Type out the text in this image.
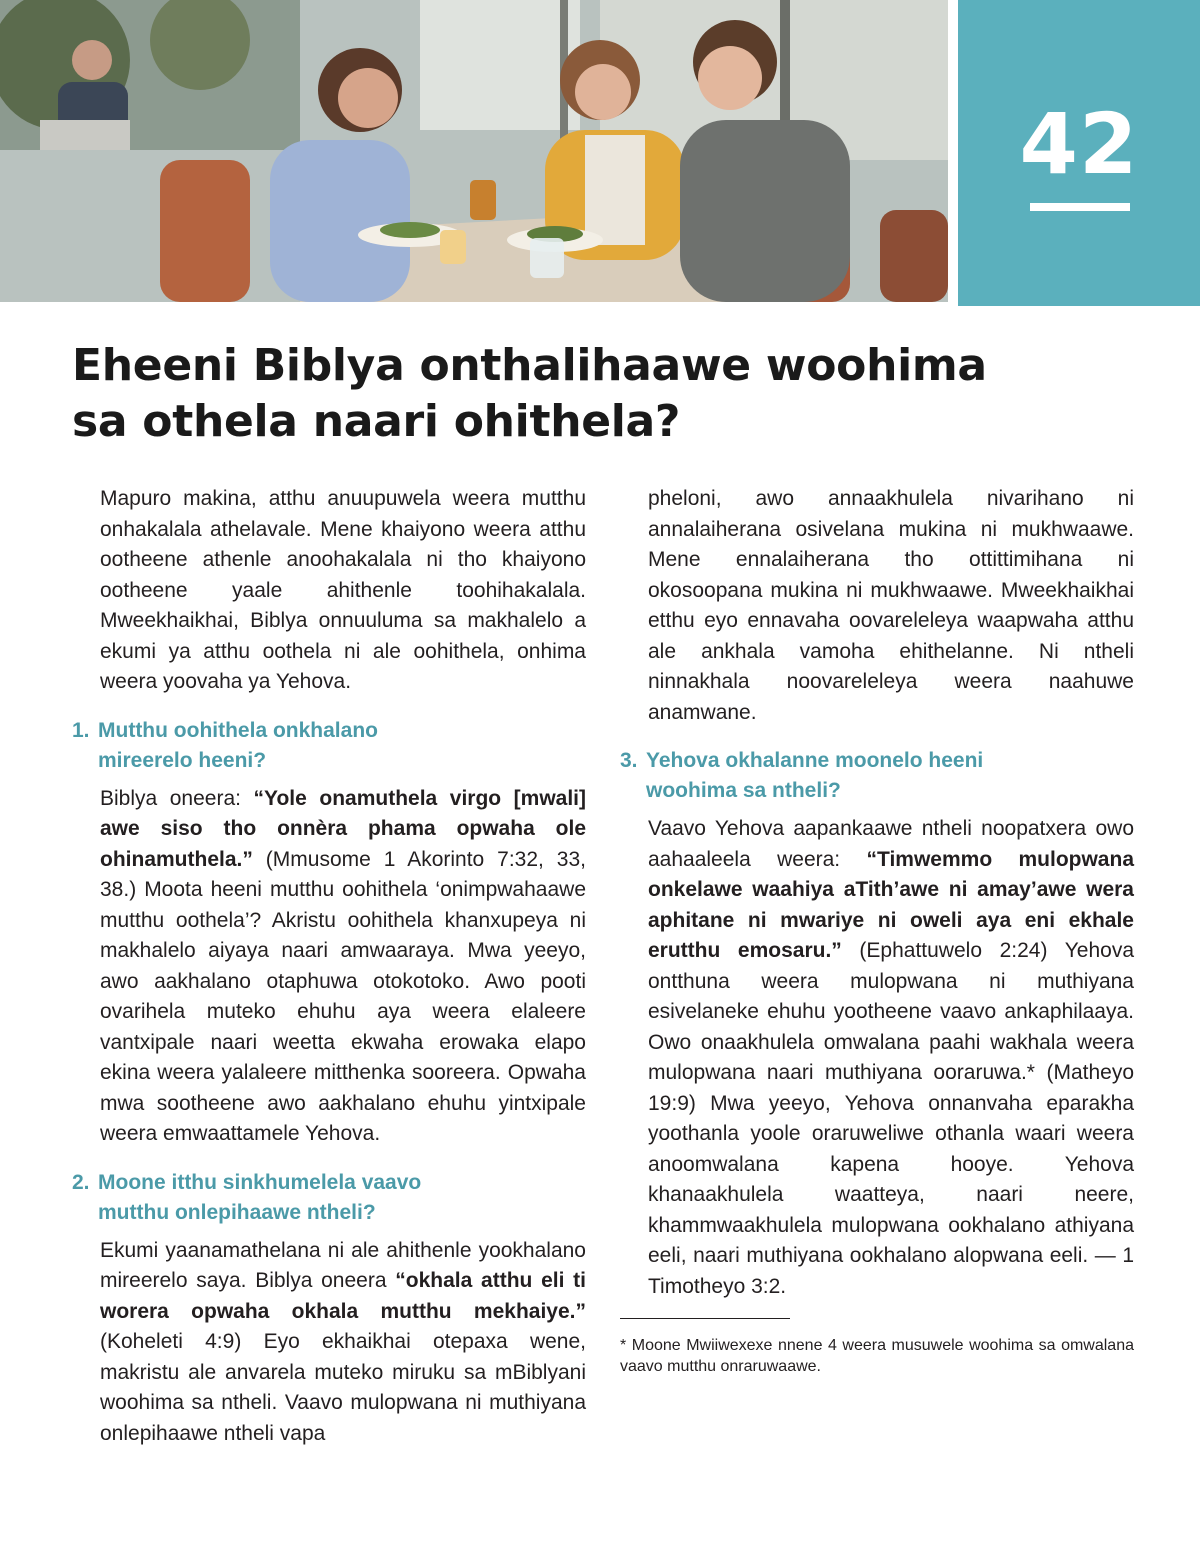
42
Eheeni Biblya onthalihaawe woohima
sa othela naari ohithela?

Mapuro makina, atthu anuupuwela weera mutthu onhakalala athelavale. Mene khaiyono weera atthu ootheene athenle anoohakalala ni tho khaiyono ootheene yaale ahithenle toohihakalala. Mweekhaikhai, Biblya onnuuluma sa makhalelo a ekumi ya atthu oothela ni ale oohithela, onhima weera yoovaha ya Yehova.

1. Mutthu oohithela onkhalano
mireerelo heeni?

Biblya oneera: “Yole onamuthela virgo [mwali] awe siso tho onnèra phama opwaha ole ohinamuthela.” (Mmusome 1 Akorinto 7:32, 33, 38.) Moota heeni mutthu oohithela ‘onimpwahaawe mutthu oothela’? Akristu oohithela khanxupeya ni makhalelo aiyaya naari amwaaraya. Mwa yeeyo, awo aakhalano otaphuwa otokotoko. Awo pooti ovarihela muteko ehuhu aya weera elaleere vantxipale naari weetta ekwaha erowaka elapo ekina weera yalaleere mitthenka sooreera. Opwaha mwa sootheene awo aakhalano ehuhu yintxipale weera emwaattamele Yehova.

2. Moone itthu sinkhumelela vaavo
mutthu onlepihaawe ntheli?

Ekumi yaanamathelana ni ale ahithenle yookhalano mireerelo saya. Biblya oneera “okhala atthu eli ti worera opwaha okhala mutthu mekhaiye.” (Koheleti 4:9) Eyo ekhaikhai otepaxa wene, makristu ale anvarela muteko miruku sa mBiblyani woohima sa ntheli. Vaavo mulopwana ni muthiyana onlepihaawe ntheli vapa

pheloni, awo annaakhulela nivarihano ni annalaiherana osivelana mukina ni mukhwaawe. Mene ennalaiherana tho ottittimihana ni okosoopana mukina ni mukhwaawe. Mweekhaikhai etthu eyo ennavaha oovareleleya waapwaha atthu ale ankhala vamoha ehithelanne. Ni ntheli ninnakhala noovareleleya weera naahuwe anamwane.

3. Yehova okhalanne moonelo heeni
woohima sa ntheli?

Vaavo Yehova aapankaawe ntheli noopatxera owo aahaaleela weera: “Timwemmo mulopwana onkelawe waahiya aTith’awe ni amay’awe wera aphitane ni mwariye ni oweli aya eni ekhale erutthu emosaru.” (Ephattuwelo 2:24) Yehova ontthuna weera mulopwana ni muthiyana esivelaneke ehuhu yootheene vaavo ankaphilaaya. Owo onaakhulela omwalana paahi wakhala weera mulopwana naari muthiyana ooraruwa.* (Matheyo 19:9) Mwa yeeyo, Yehova onnanvaha eparakha yoothanla yoole oraruweliwe othanla waari weera anoomwalana kapena hooye. Yehova khanaakhulela waatteya, naari neere, khammwaakhulela mulopwana ookhalano athiyana eeli, naari muthiyana ookhalano alopwana eeli. — 1 Timotheyo 3:2.

* Moone Mwiiwexexe nnene 4 weera musuwele woohima sa omwalana vaavo mutthu onraruwaawe.
